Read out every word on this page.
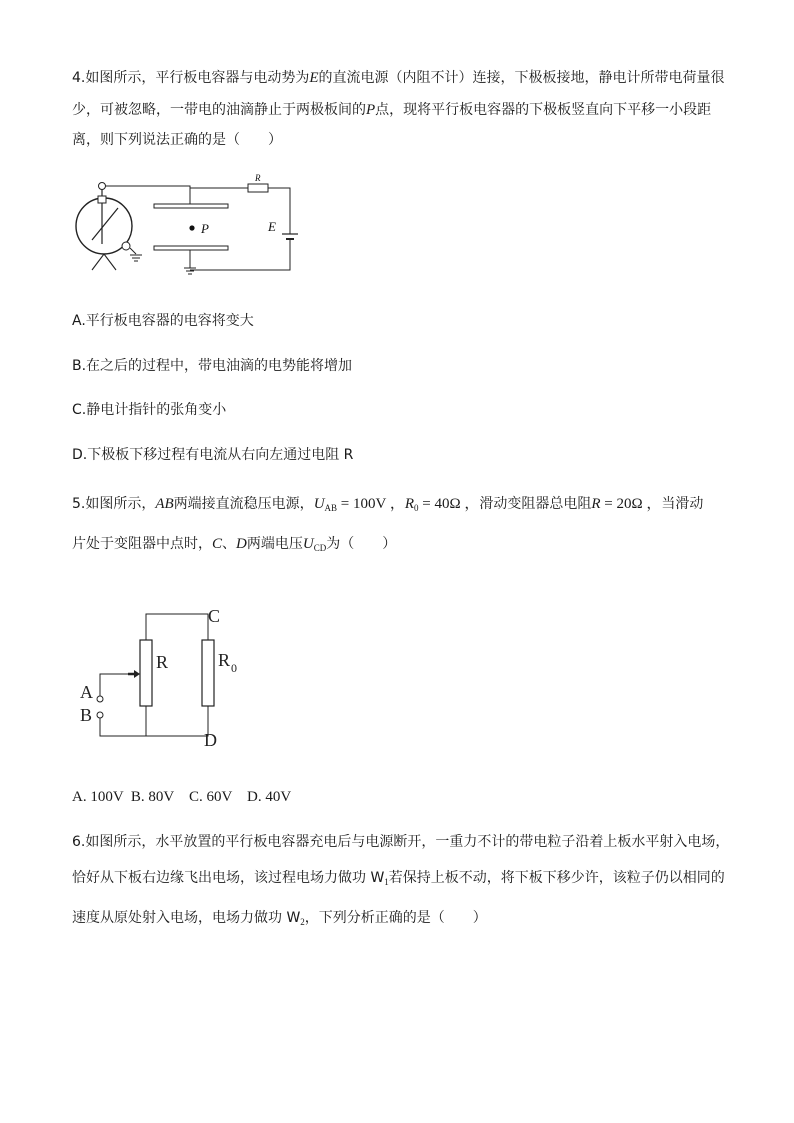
4.如图所示，平行板电容器与电动势为E的直流电源（内阻不计）连接，下极板接地，静电计所带电荷量很

少，可被忽略，一带电的油滴静止于两极板间的P点，现将平行板电容器的下极板竖直向下平移一小段距

离，则下列说法正确的是（　　）

P
R
E

A.平行板电容器的电容将变大

B.在之后的过程中，带电油滴的电势能将增加

C.静电计指针的张角变小

D.下极板下移过程有电流从右向左通过电阻 R

5.如图所示，AB两端接直流稳压电源，$U_{AB} = 100V$ ，$R_0 = 40\Omega$ ，滑动变阻器总电阻R = 20Ω ，当滑动

片处于变阻器中点时，C、D两端电压$U_{CD}$为（　　）

C
D
R	R 0
A
B

A. 100V  B. 80V　C. 60V　D. 40V

6.如图所示，水平放置的平行板电容器充电后与电源断开，一重力不计的带电粒子沿着上板水平射入电场，

恰好从下板右边缘飞出电场，该过程电场力做功 $W_1$若保持上板不动，将下板下移少许，该粒子仍以相同的

速度从原处射入电场，电场力做功 $W_2$，下列分析正确的是（　　）
